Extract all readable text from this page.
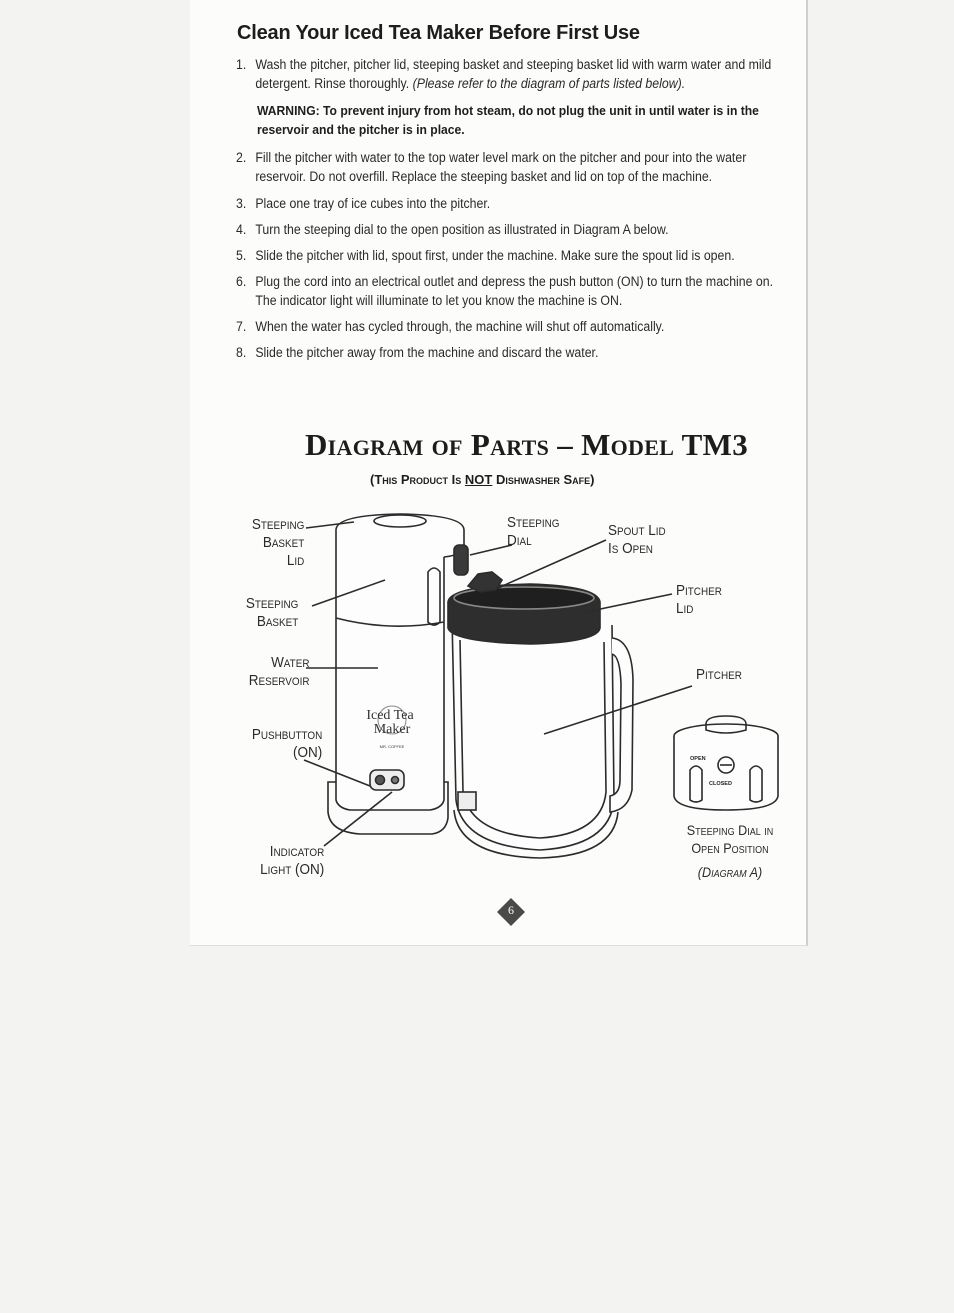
Clean Your Iced Tea Maker Before First Use
1. Wash the pitcher, pitcher lid, steeping basket and steeping basket lid with warm water and mild detergent. Rinse thoroughly. (Please refer to the diagram of parts listed below).
WARNING: To prevent injury from hot steam, do not plug the unit in until water is in the reservoir and the pitcher is in place.
2. Fill the pitcher with water to the top water level mark on the pitcher and pour into the water reservoir. Do not overfill. Replace the steeping basket and lid on top of the machine.
3. Place one tray of ice cubes into the pitcher.
4. Turn the steeping dial to the open position as illustrated in Diagram A below.
5. Slide the pitcher with lid, spout first, under the machine. Make sure the spout lid is open.
6. Plug the cord into an electrical outlet and depress the push button (ON) to turn the machine on. The indicator light will illuminate to let you know the machine is ON.
7. When the water has cycled through, the machine will shut off automatically.
8. Slide the pitcher away from the machine and discard the water.
Diagram of Parts – Model TM3
(This Product Is NOT Dishwasher Safe)
Iced Tea
Maker
MR. COFFEE
OPEN
CLOSED
Steeping
Basket
Lid
Steeping
Basket
Water
Reservoir
Pushbutton
(ON)
Indicator
Light (ON)
Steeping
Dial
Spout Lid
Is Open
Pitcher
Lid
Pitcher
Steeping Dial in
Open Position
(Diagram A)
6
